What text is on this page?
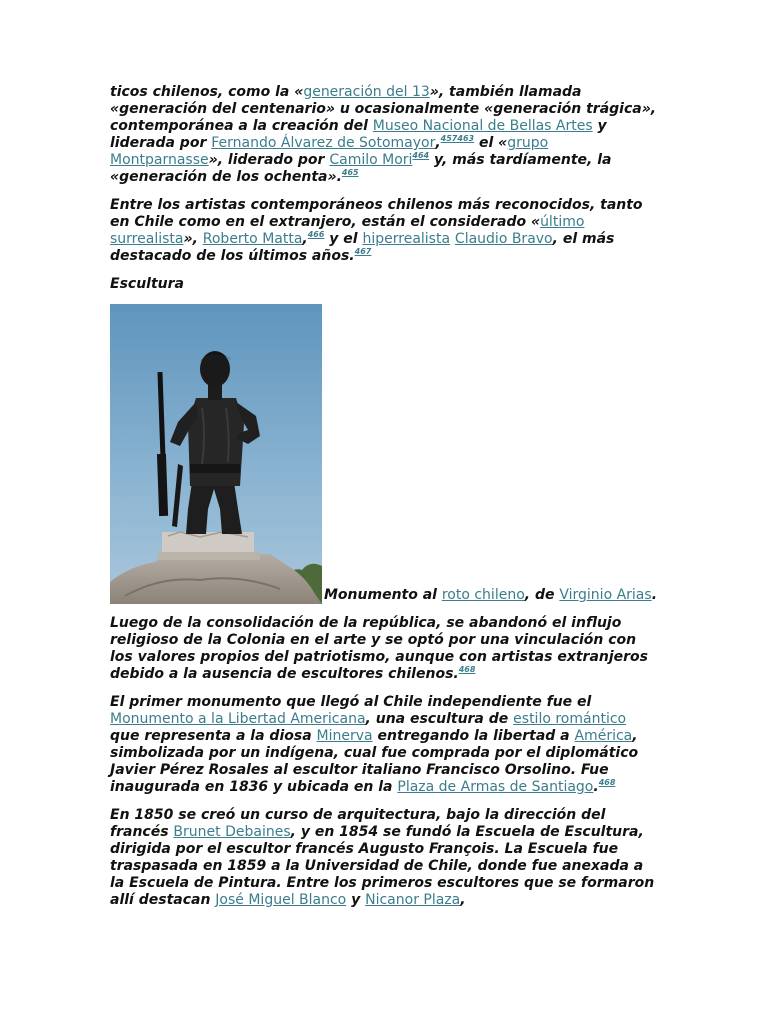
ticos chilenos, como la «generación del 13», también llamada «generación del centenario» u ocasionalmente «generación trágica», contemporánea a la creación del Museo Nacional de Bellas Artes y liderada por Fernando Álvarez de Sotomayor,$^{457463}$ el «grupo Montparnasse», liderado por Camilo Mori$^{464}$ y, más tardíamente, la «generación de los ochenta».$^{465}$

Entre los artistas contemporáneos chilenos más reconocidos, tanto en Chile como en el extranjero, están el considerado «último surrealista», Roberto Matta,$^{466}$ y el hiperrealista Claudio Bravo, el más destacado de los últimos años.$^{467}$

Escultura
Monumento al roto chileno, de Virginio Arias.

Luego de la consolidación de la república, se abandonó el influjo religioso de la Colonia en el arte y se optó por una vinculación con los valores propios del patriotismo, aunque con artistas extranjeros debido a la ausencia de escultores chilenos.$^{468}$

El primer monumento que llegó al Chile independiente fue el Monumento a la Libertad Americana, una escultura de estilo romántico que representa a la diosa Minerva entregando la libertad a América, simbolizada por un indígena, cual fue comprada por el diplomático Javier Pérez Rosales al escultor italiano Francisco Orsolino. Fue inaugurada en 1836 y ubicada en la Plaza de Armas de Santiago.$^{468}$

En 1850 se creó un curso de arquitectura, bajo la dirección del francés Brunet Debaines, y en 1854 se fundó la Escuela de Escultura, dirigida por el escultor francés Augusto François. La Escuela fue traspasada en 1859 a la Universidad de Chile, donde fue anexada a la Escuela de Pintura. Entre los primeros escultores que se formaron allí destacan José Miguel Blanco y Nicanor Plaza,
